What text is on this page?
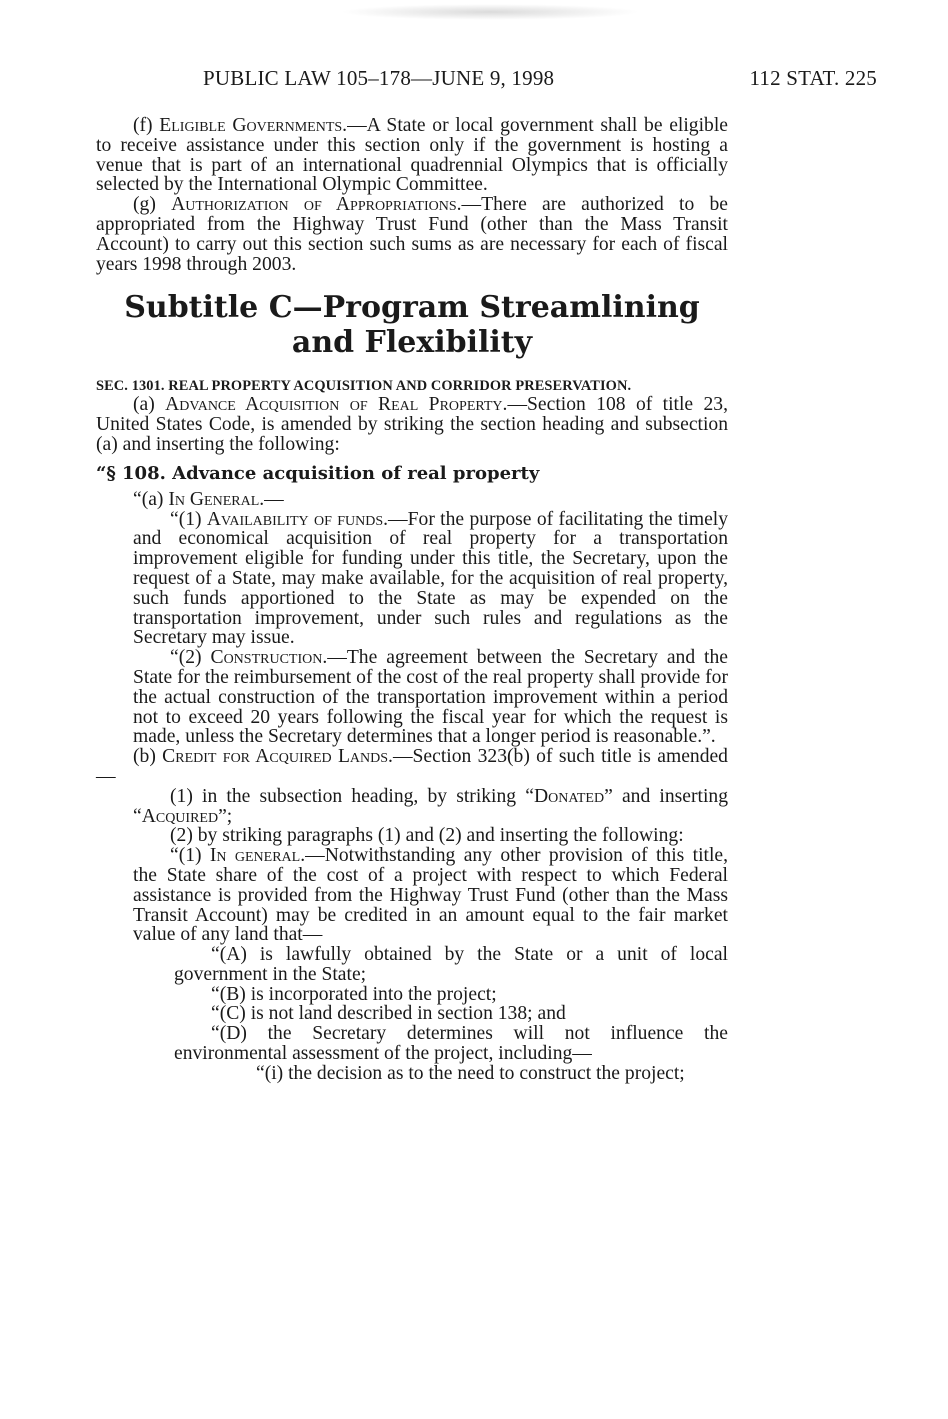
PUBLIC LAW 105–178—JUNE 9, 1998	112 STAT. 225

(f) Eligible Governments.—A State or local government shall be eligible to receive assistance under this section only if the government is hosting a venue that is part of an international quadrennial Olympics that is officially selected by the International Olympic Committee.

(g) Authorization of Appropriations.—There are authorized to be appropriated from the Highway Trust Fund (other than the Mass Transit Account) to carry out this section such sums as are necessary for each of fiscal years 1998 through 2003.

Subtitle C—Program Streamlining and Flexibility

SEC. 1301. REAL PROPERTY ACQUISITION AND CORRIDOR PRESERVATION.

(a) Advance Acquisition of Real Property.—Section 108 of title 23, United States Code, is amended by striking the section heading and subsection (a) and inserting the following:

“§ 108. Advance acquisition of real property

“(a) In General.—

“(1) Availability of funds.—For the purpose of facilitating the timely and economical acquisition of real property for a transportation improvement eligible for funding under this title, the Secretary, upon the request of a State, may make available, for the acquisition of real property, such funds apportioned to the State as may be expended on the transportation improvement, under such rules and regulations as the Secretary may issue.

“(2) Construction.—The agreement between the Secretary and the State for the reimbursement of the cost of the real property shall provide for the actual construction of the transportation improvement within a period not to exceed 20 years following the fiscal year for which the request is made, unless the Secretary determines that a longer period is reasonable.”.

(b) Credit for Acquired Lands.—Section 323(b) of such title is amended—

(1) in the subsection heading, by striking “Donated” and inserting “Acquired”;

(2) by striking paragraphs (1) and (2) and inserting the following:

“(1) In general.—Notwithstanding any other provision of this title, the State share of the cost of a project with respect to which Federal assistance is provided from the Highway Trust Fund (other than the Mass Transit Account) may be credited in an amount equal to the fair market value of any land that—

“(A) is lawfully obtained by the State or a unit of local government in the State;

“(B) is incorporated into the project;

“(C) is not land described in section 138; and

“(D) the Secretary determines will not influence the environmental assessment of the project, including—

“(i) the decision as to the need to construct the project;
